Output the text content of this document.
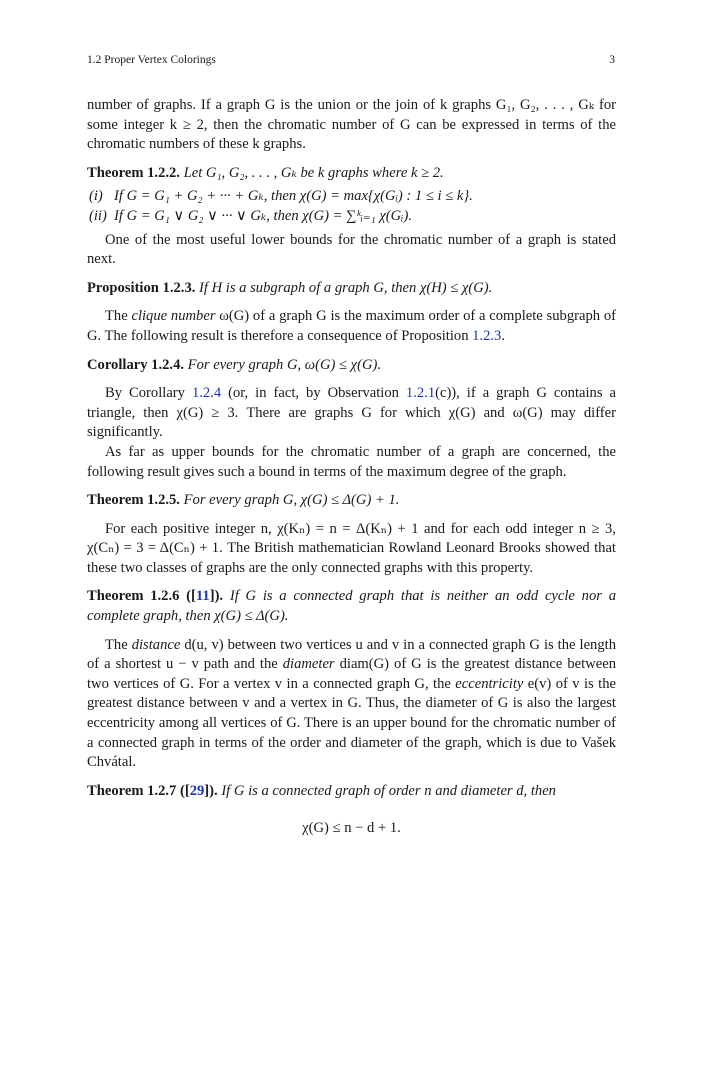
1.2 Proper Vertex Colorings	3

number of graphs. If a graph G is the union or the join of k graphs G₁, G₂, . . . , Gₖ for some integer k ≥ 2, then the chromatic number of G can be expressed in terms of the chromatic numbers of these k graphs.

Theorem 1.2.2. Let G₁, G₂, . . . , Gₖ be k graphs where k ≥ 2.

(i) If G = G₁ + G₂ + ··· + Gₖ, then χ(G) = max{χ(Gᵢ) : 1 ≤ i ≤ k}.
(ii) If G = G₁ ∨ G₂ ∨ ··· ∨ Gₖ, then χ(G) = ∑ᵏᵢ₌₁ χ(Gᵢ).

One of the most useful lower bounds for the chromatic number of a graph is stated next.

Proposition 1.2.3. If H is a subgraph of a graph G, then χ(H) ≤ χ(G).

The clique number ω(G) of a graph G is the maximum order of a complete subgraph of G. The following result is therefore a consequence of Proposition 1.2.3.

Corollary 1.2.4. For every graph G, ω(G) ≤ χ(G).

By Corollary 1.2.4 (or, in fact, by Observation 1.2.1(c)), if a graph G contains a triangle, then χ(G) ≥ 3. There are graphs G for which χ(G) and ω(G) may differ significantly.

As far as upper bounds for the chromatic number of a graph are concerned, the following result gives such a bound in terms of the maximum degree of the graph.

Theorem 1.2.5. For every graph G, χ(G) ≤ Δ(G) + 1.

For each positive integer n, χ(Kₙ) = n = Δ(Kₙ) + 1 and for each odd integer n ≥ 3, χ(Cₙ) = 3 = Δ(Cₙ) + 1. The British mathematician Rowland Leonard Brooks showed that these two classes of graphs are the only connected graphs with this property.

Theorem 1.2.6 ([11]). If G is a connected graph that is neither an odd cycle nor a complete graph, then χ(G) ≤ Δ(G).

The distance d(u, v) between two vertices u and v in a connected graph G is the length of a shortest u − v path and the diameter diam(G) of G is the greatest distance between two vertices of G. For a vertex v in a connected graph G, the eccentricity e(v) of v is the greatest distance between v and a vertex in G. Thus, the diameter of G is also the largest eccentricity among all vertices of G. There is an upper bound for the chromatic number of a connected graph in terms of the order and diameter of the graph, which is due to Vašek Chvátal.

Theorem 1.2.7 ([29]). If G is a connected graph of order n and diameter d, then

χ(G) ≤ n − d + 1.
